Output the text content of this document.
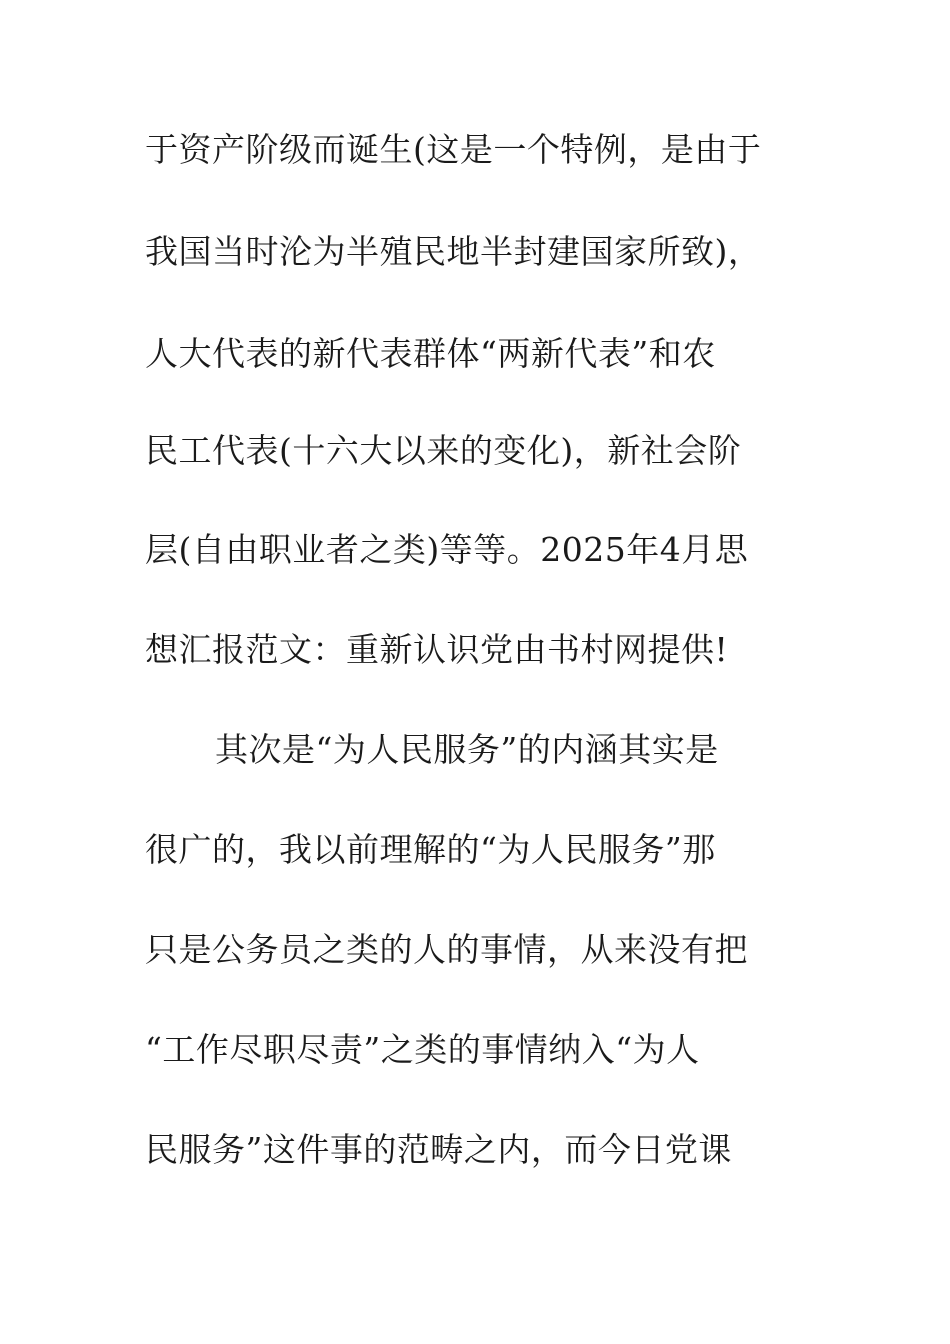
于资产阶级而诞生(这是一个特例，是由于
我国当时沦为半殖民地半封建国家所致)，
人大代表的新代表群体“两新代表”和农
民工代表(十六大以来的变化)，新社会阶
层(自由职业者之类)等等。2025年4月思
想汇报范文：重新认识党由书村网提供!
其次是“为人民服务”的内涵其实是
很广的，我以前理解的“为人民服务”那
只是公务员之类的人的事情，从来没有把
“工作尽职尽责”之类的事情纳入“为人
民服务”这件事的范畴之内，而今日党课
